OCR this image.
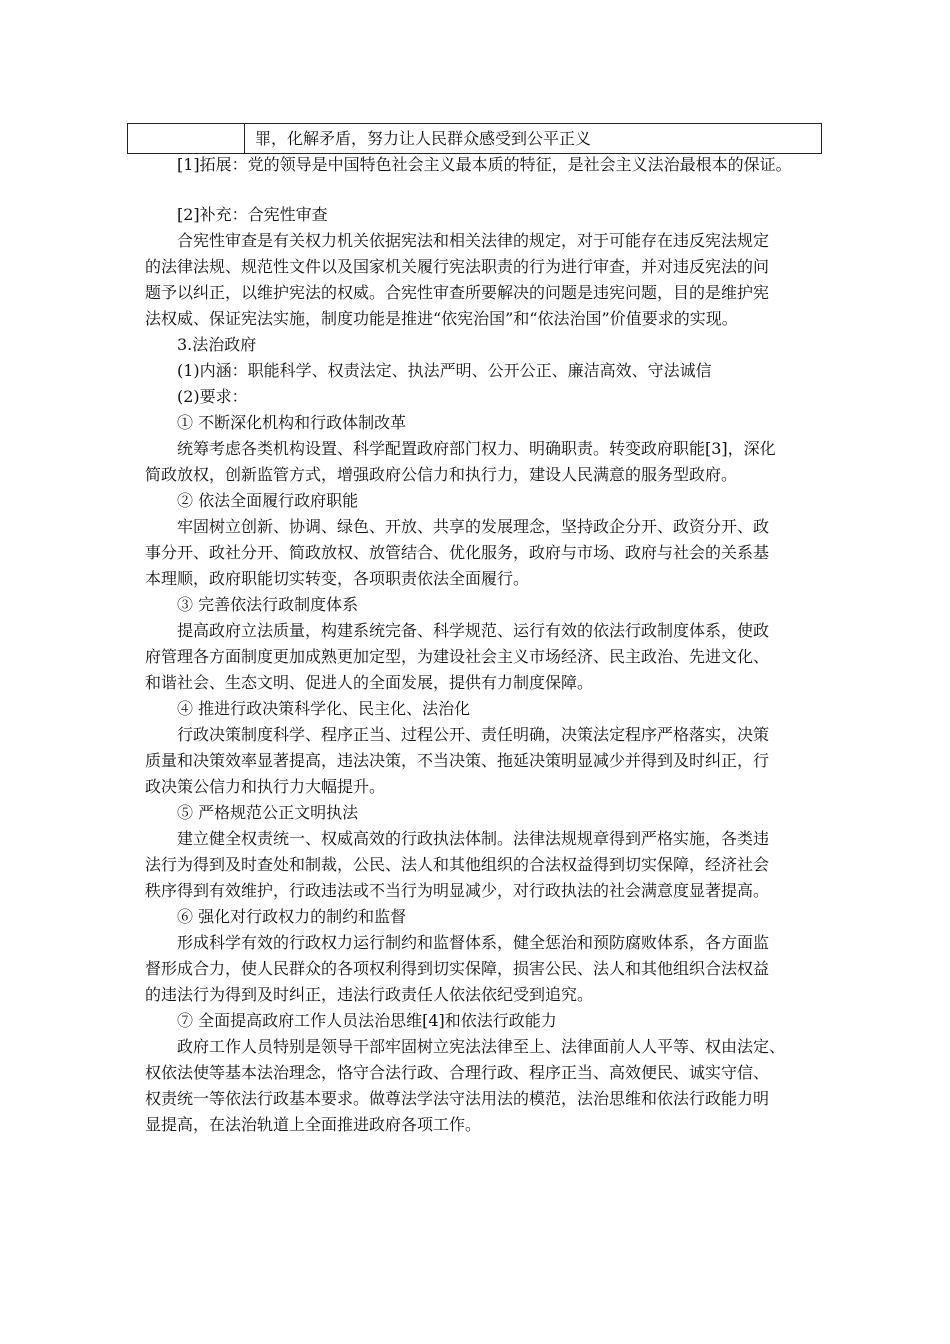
罪，化解矛盾，努力让人民群众感受到公平正义

[1]拓展：党的领导是中国特色社会主义最本质的特征，是社会主义法治最根本的保证。

[2]补充：合宪性审查

合宪性审查是有关权力机关依据宪法和相关法律的规定，对于可能存在违反宪法规定

的法律法规、规范性文件以及国家机关履行宪法职责的行为进行审查，并对违反宪法的问

题予以纠正，以维护宪法的权威。合宪性审查所要解决的问题是违宪问题，目的是维护宪

法权威、保证宪法实施，制度功能是推进“依宪治国”和“依法治国”价值要求的实现。

3.法治政府

(1)内涵：职能科学、权责法定、执法严明、公开公正、廉洁高效、守法诚信

(2)要求：

① 不断深化机构和行政体制改革

统筹考虑各类机构设置、科学配置政府部门权力、明确职责。转变政府职能[3]，深化

简政放权，创新监管方式，增强政府公信力和执行力，建设人民满意的服务型政府。

② 依法全面履行政府职能

牢固树立创新、协调、绿色、开放、共享的发展理念，坚持政企分开、政资分开、政

事分开、政社分开、简政放权、放管结合、优化服务，政府与市场、政府与社会的关系基

本理顺，政府职能切实转变，各项职责依法全面履行。

③ 完善依法行政制度体系

提高政府立法质量，构建系统完备、科学规范、运行有效的依法行政制度体系，使政

府管理各方面制度更加成熟更加定型，为建设社会主义市场经济、民主政治、先进文化、

和谐社会、生态文明、促进人的全面发展，提供有力制度保障。

④ 推进行政决策科学化、民主化、法治化

行政决策制度科学、程序正当、过程公开、责任明确，决策法定程序严格落实，决策

质量和决策效率显著提高，违法决策，不当决策、拖延决策明显减少并得到及时纠正，行

政决策公信力和执行力大幅提升。

⑤ 严格规范公正文明执法

建立健全权责统一、权威高效的行政执法体制。法律法规规章得到严格实施，各类违

法行为得到及时查处和制裁，公民、法人和其他组织的合法权益得到切实保障，经济社会

秩序得到有效维护，行政违法或不当行为明显减少，对行政执法的社会满意度显著提高。

⑥ 强化对行政权力的制约和监督

形成科学有效的行政权力运行制约和监督体系，健全惩治和预防腐败体系，各方面监

督形成合力，使人民群众的各项权利得到切实保障，损害公民、法人和其他组织合法权益

的违法行为得到及时纠正，违法行政责任人依法依纪受到追究。

⑦ 全面提高政府工作人员法治思维[4]和依法行政能力

政府工作人员特别是领导干部牢固树立宪法法律至上、法律面前人人平等、权由法定、

权依法使等基本法治理念，恪守合法行政、合理行政、程序正当、高效便民、诚实守信、

权责统一等依法行政基本要求。做尊法学法守法用法的模范，法治思维和依法行政能力明

显提高，在法治轨道上全面推进政府各项工作。
